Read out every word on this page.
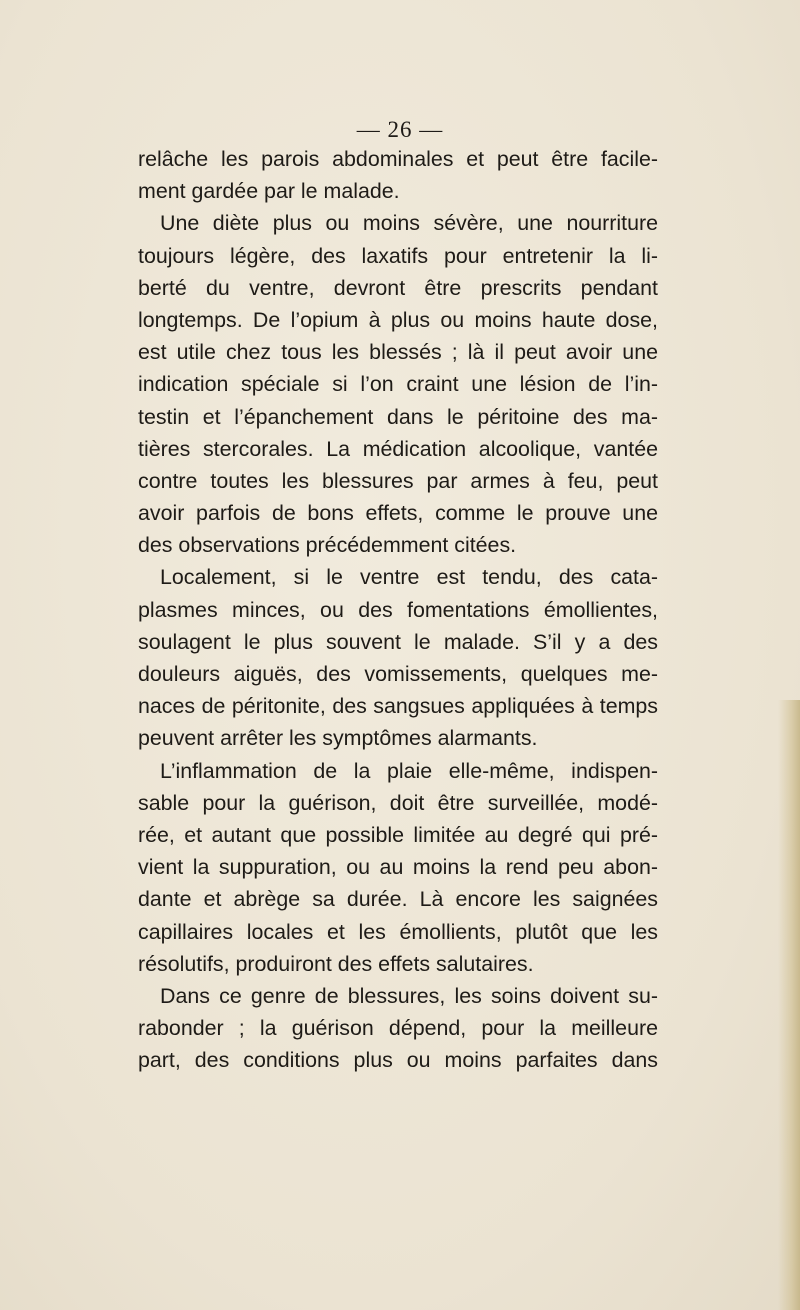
— 26 —
relâche les parois abdominales et peut être facile-
ment gardée par le malade.
Une diète plus ou moins sévère, une nourriture
toujours légère, des laxatifs pour entretenir la li-
berté du ventre, devront être prescrits pendant
longtemps. De l’opium à plus ou moins haute dose,
est utile chez tous les blessés ; là il peut avoir une
indication spéciale si l’on craint une lésion de l’in-
testin et l’épanchement dans le péritoine des ma-
tières stercorales. La médication alcoolique, vantée
contre toutes les blessures par armes à feu, peut
avoir parfois de bons effets, comme le prouve une
des observations précédemment citées.
Localement, si le ventre est tendu, des cata-
plasmes minces, ou des fomentations émollientes,
soulagent le plus souvent le malade. S’il y a des
douleurs aiguës, des vomissements, quelques me-
naces de péritonite, des sangsues appliquées à temps
peuvent arrêter les symptômes alarmants.
L’inflammation de la plaie elle-même, indispen-
sable pour la guérison, doit être surveillée, modé-
rée, et autant que possible limitée au degré qui pré-
vient la suppuration, ou au moins la rend peu abon-
dante et abrège sa durée. Là encore les saignées
capillaires locales et les émollients, plutôt que les
résolutifs, produiront des effets salutaires.
Dans ce genre de blessures, les soins doivent su-
rabonder ; la guérison dépend, pour la meilleure
part, des conditions plus ou moins parfaites dans
